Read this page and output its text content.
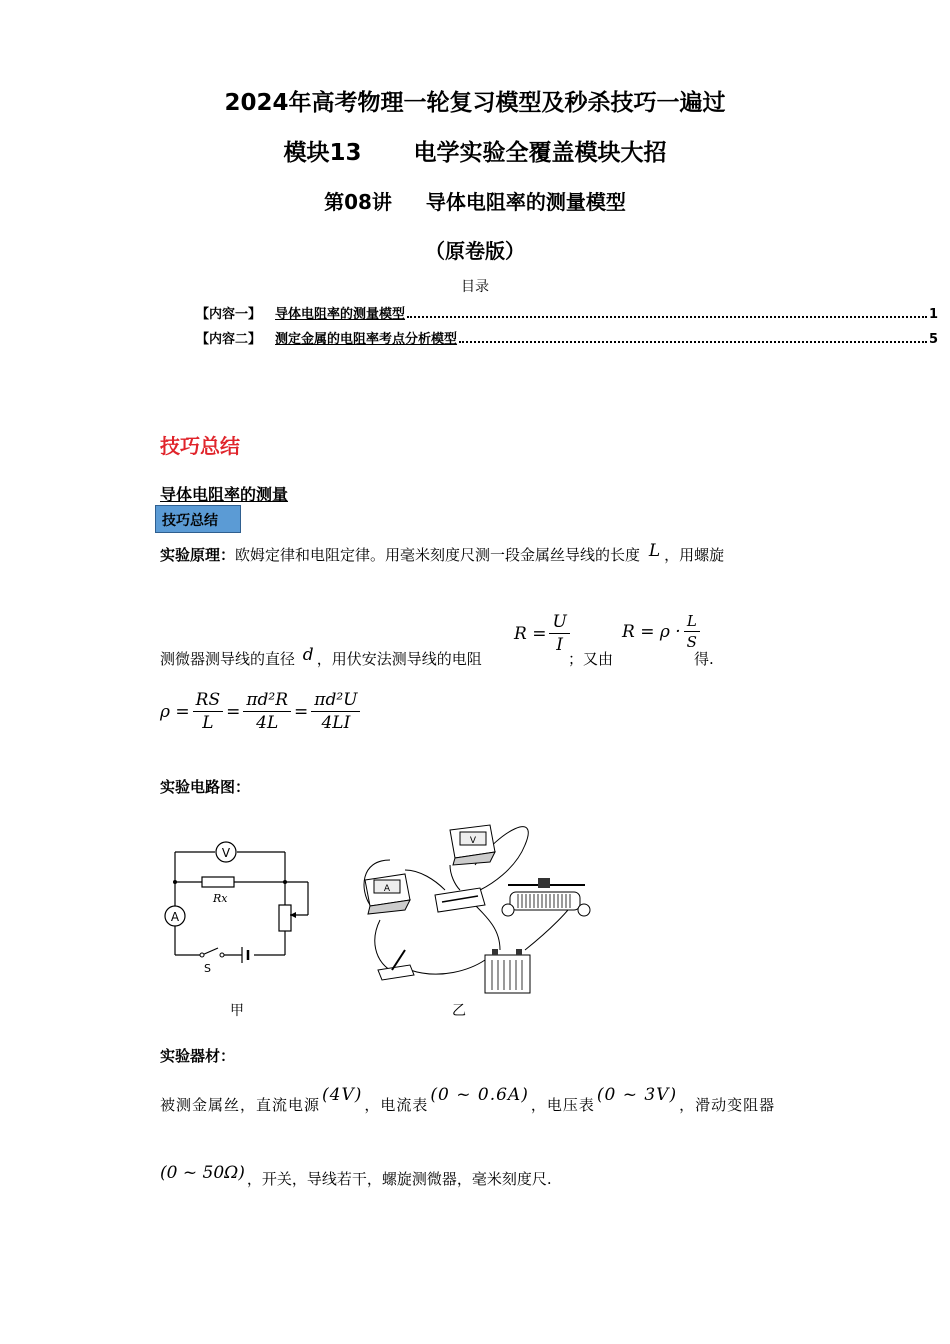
2024年高考物理一轮复习模型及秒杀技巧一遍过
模块13 电学实验全覆盖模块大招
第08讲 导体电阻率的测量模型
（原卷版）
目录
【内容一】 导体电阻率的测量模型	1
【内容二】 测定金属的电阻率考点分析模型	5
技巧总结
导体电阻率的测量
技巧总结
实验原理：欧姆定律和电阻定律。用毫米刻度尺测一段金属丝导线的长度 L ，用螺旋
测微器测导线的直径 d ，用伏安法测导线的电阻
$R = \frac{U}{I}$
；又由
$R = \rho \cdot \frac{L}{S}$
得.
$\rho = \frac{RS}{L} = \frac{\text{πd²R}}{4L} = \frac{\text{πd²U}}{4LI}$
实验电路图：
V
A
Rx
S
甲
V
A
乙
实验器材：
被测金属丝，直流电源 (4V) ，电流表 (0 ~ 0.6A) ，电压表 (0 ~ 3V) ，滑动变阻器
(0 ~ 50Ω) ，开关，导线若干，螺旋测微器，毫米刻度尺.
